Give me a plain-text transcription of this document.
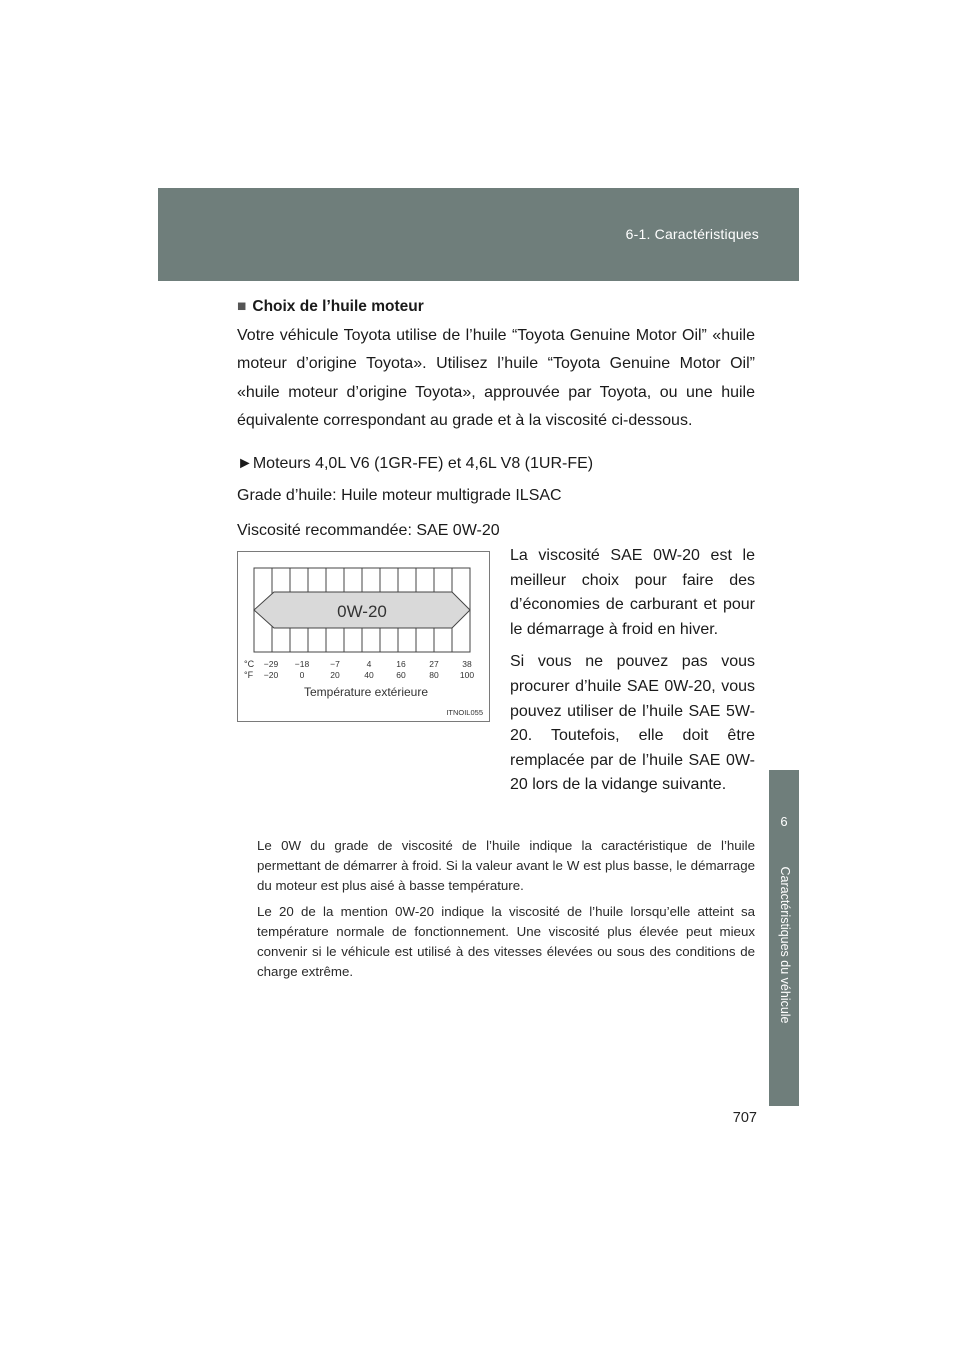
6-1. Caractéristiques
6
Caractéristiques du véhicule
■ Choix de l’huile moteur

Votre véhicule Toyota utilise de l’huile “Toyota Genuine Motor Oil” «huile moteur d’origine Toyota». Utilisez l’huile “Toyota Genuine Motor Oil” «huile moteur d’origine Toyota», approuvée par Toyota, ou une huile équivalente correspondant au grade et à la viscosité ci-dessous.

►Moteurs 4,0L V6 (1GR-FE) et 4,6L V8 (1UR-FE)

Grade d’huile: Huile moteur multigrade ILSAC

Viscosité recommandée: SAE 0W-20

0W-20
°C
°F
−29 −18 −7	4	16	27	38
−20	0	20	40	60	80 100
Température extérieure
ITNOIL055

La viscosité SAE 0W-20 est le meilleur choix pour faire des d’économies de carburant et pour le démarrage à froid en hiver.

Si vous ne pouvez pas vous procurer d’huile SAE 0W-20, vous pouvez utiliser de l’huile SAE 5W-20. Toutefois, elle doit être remplacée par de l’huile SAE 0W-20 lors de la vidange suivante.

Le 0W du grade de viscosité de l’huile indique la caractéristique de l’huile permettant de démarrer à froid. Si la valeur avant le W est plus basse, le démarrage du moteur est plus aisé à basse température.

Le 20 de la mention 0W-20 indique la viscosité de l’huile lorsqu’elle atteint sa température normale de fonctionnement. Une viscosité plus élevée peut mieux convenir si le véhicule est utilisé à des vitesses élevées ou sous des conditions de charge extrême.

707
